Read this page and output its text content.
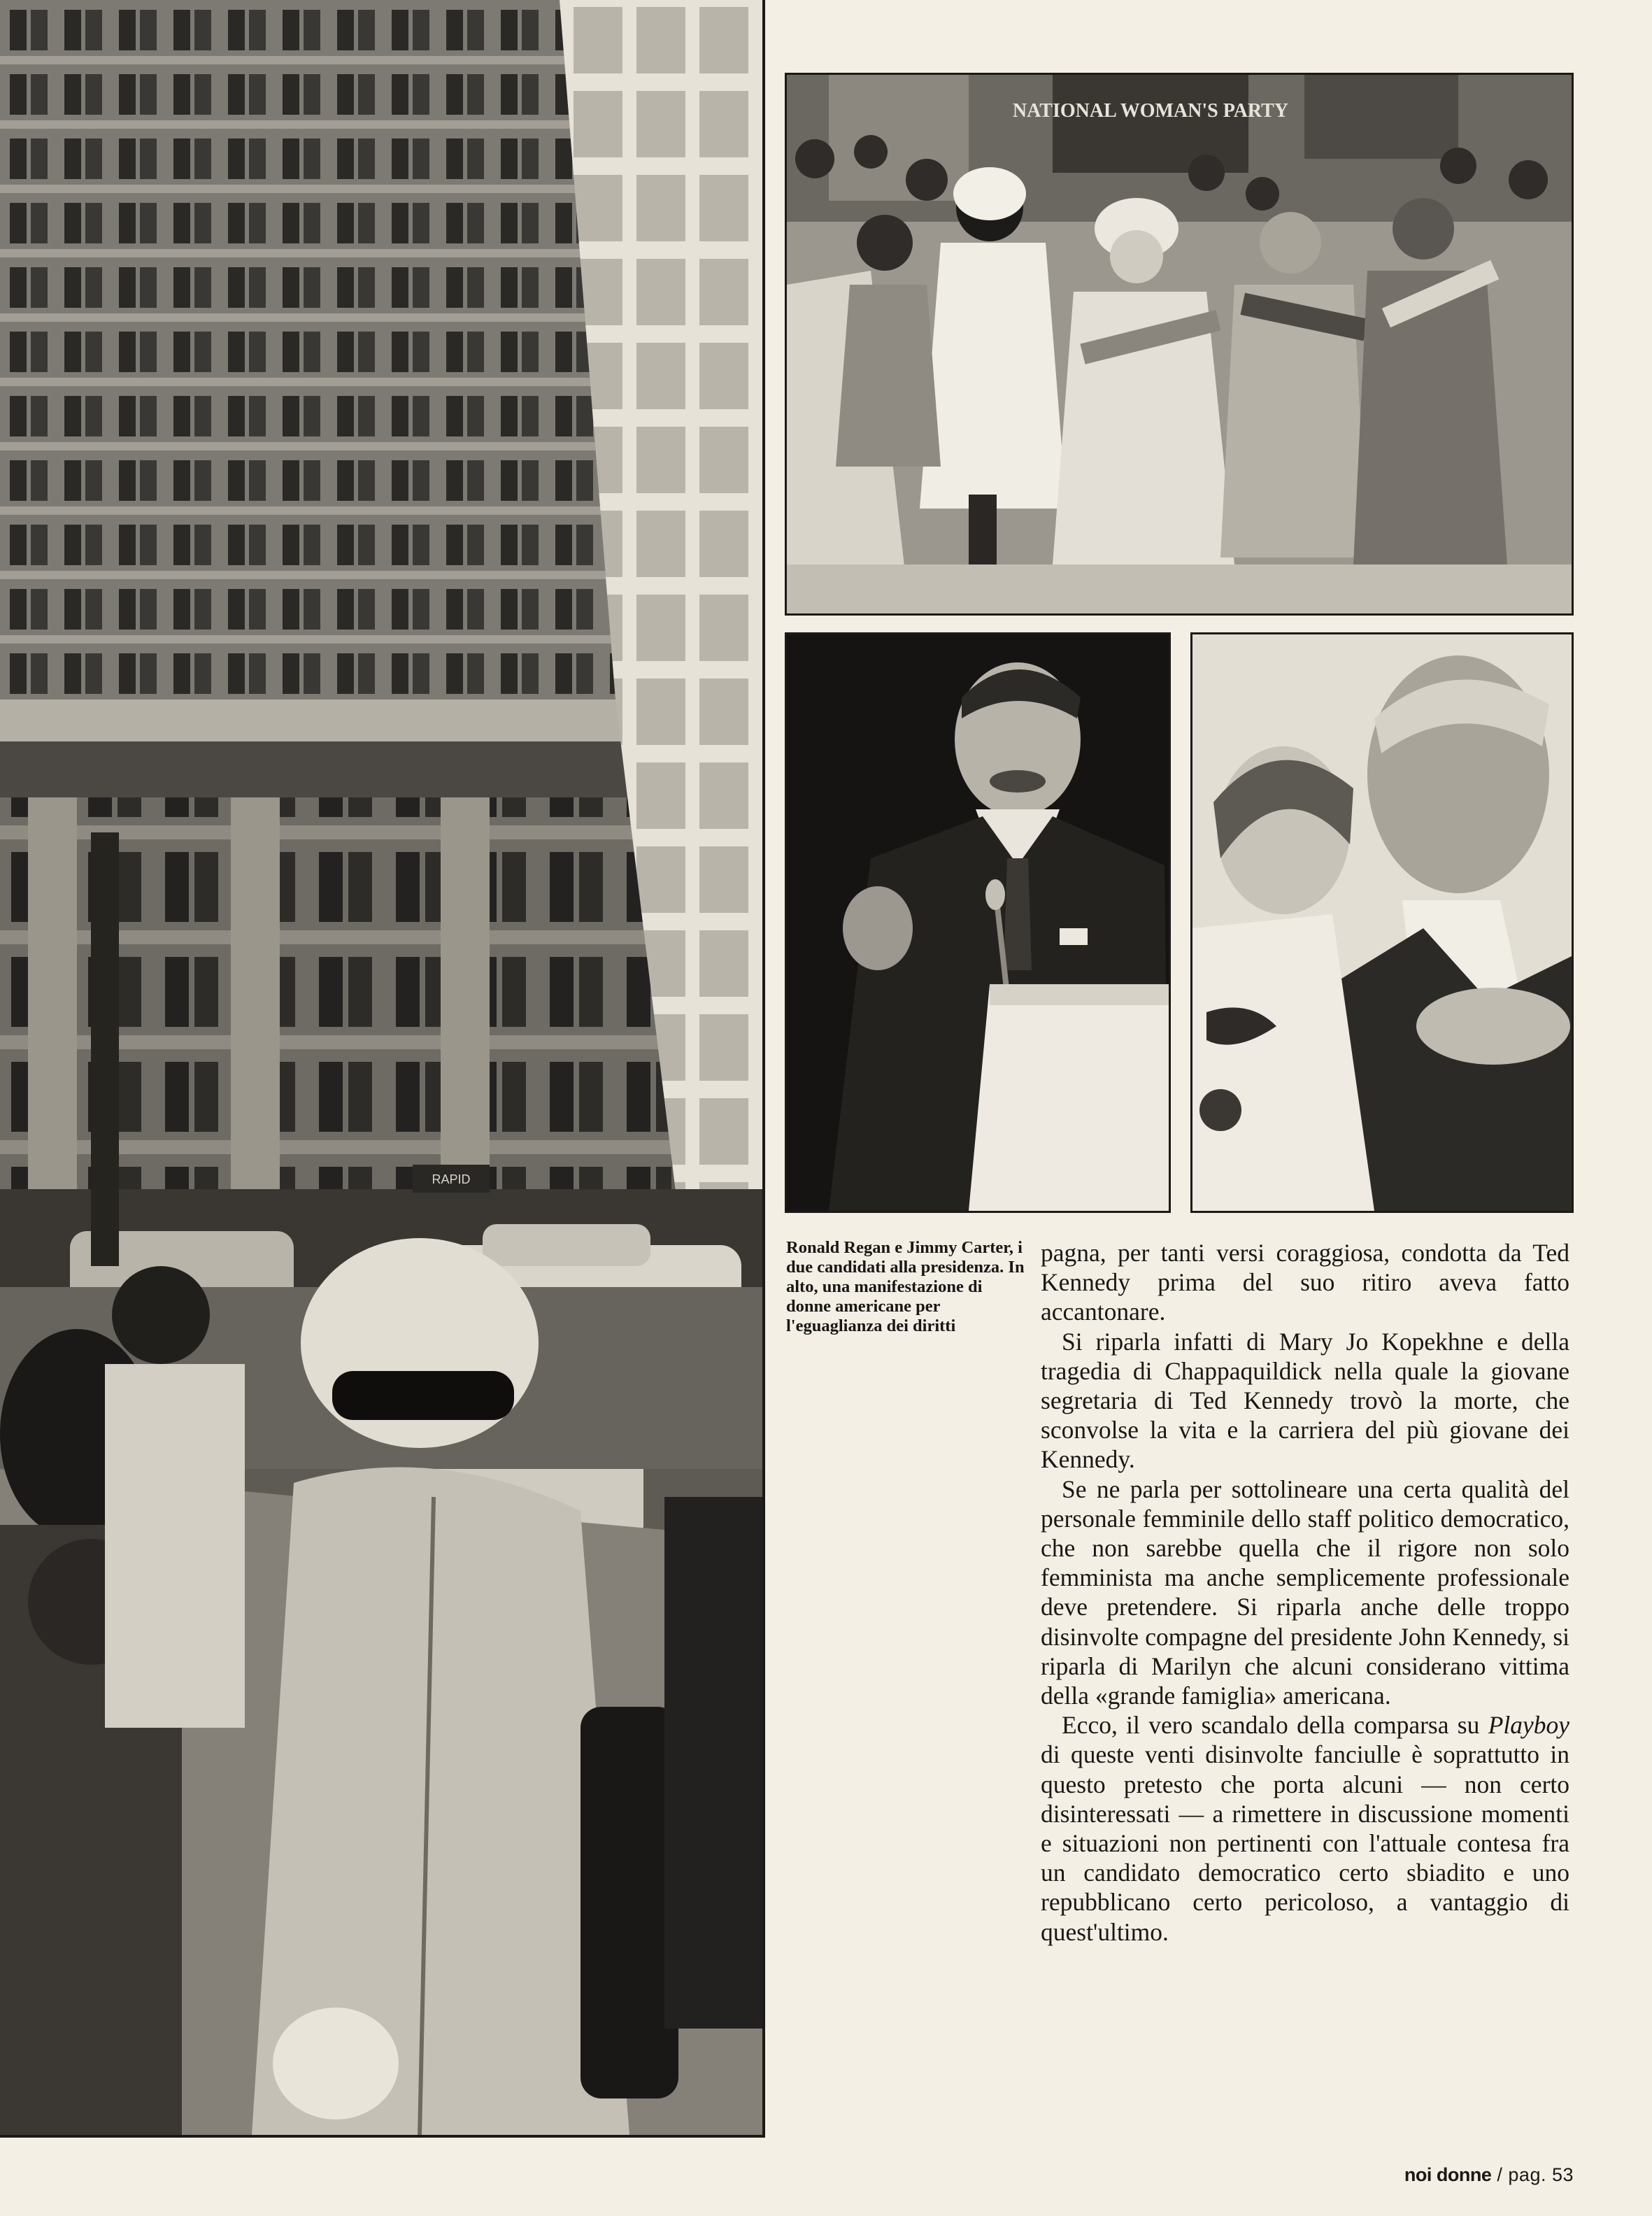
RAPID
NATIONAL WOMAN'S PARTY
Ronald Regan e Jimmy Carter, i due candidati alla presidenza. In alto, una manifestazione di donne americane per l'eguaglianza dei diritti

pagna, per tanti versi coraggiosa, condotta da Ted Kennedy prima del suo ritiro aveva fatto accantonare.

Si riparla infatti di Mary Jo Kopekhne e della tragedia di Chappaquildick nella quale la giovane segretaria di Ted Kennedy trovò la morte, che sconvolse la vita e la carriera del più giovane dei Kennedy.

Se ne parla per sottolineare una certa qualità del personale femminile dello staff politico democratico, che non sarebbe quella che il rigore non solo femminista ma anche semplicemente professionale deve pretendere. Si riparla anche delle troppo disinvolte compagne del presidente John Kennedy, si riparla di Marilyn che alcuni considerano vittima della «grande famiglia» americana.

Ecco, il vero scandalo della comparsa su Playboy di queste venti disinvolte fanciulle è soprattutto in questo pretesto che porta alcuni — non certo disinteressati — a rimettere in discussione momenti e situazioni non pertinenti con l'attuale contesa fra un candidato democratico certo sbiadito e uno repubblicano certo pericoloso, a vantaggio di quest'ultimo.

noi donne / pag. 53
